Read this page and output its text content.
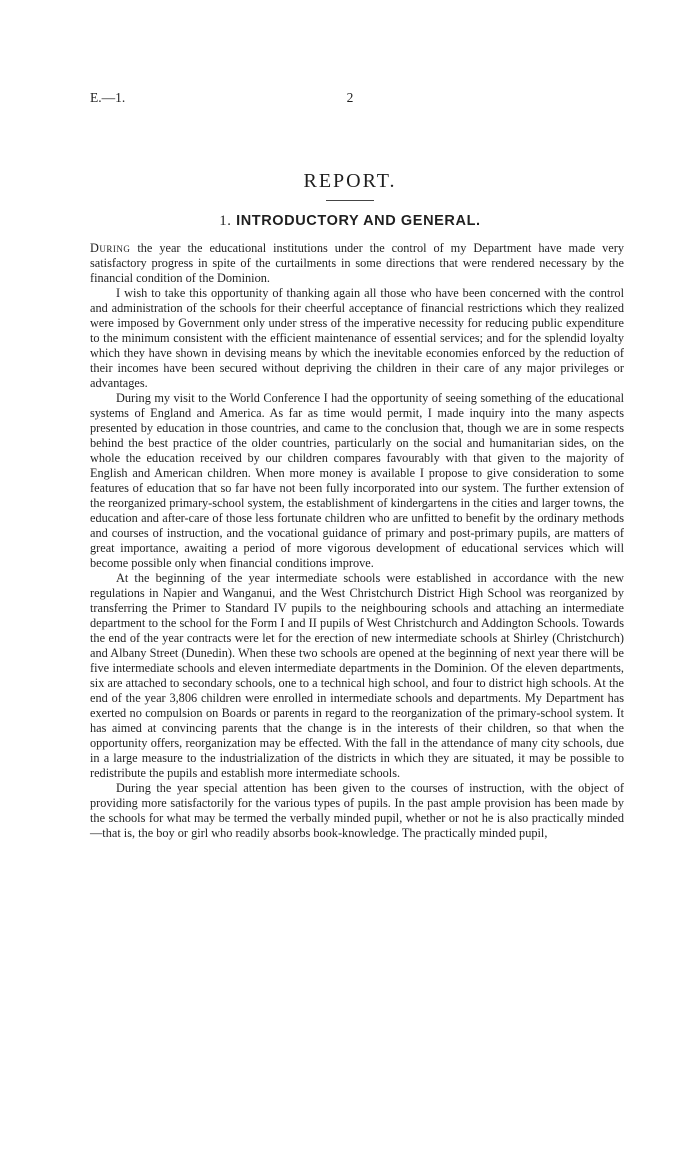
E.—1.	2
REPORT.
1. INTRODUCTORY AND GENERAL.

During the year the educational institutions under the control of my Department have made very satisfactory progress in spite of the curtailments in some directions that were rendered necessary by the financial condition of the Dominion.

I wish to take this opportunity of thanking again all those who have been concerned with the control and administration of the schools for their cheerful acceptance of financial restrictions which they realized were imposed by Government only under stress of the imperative necessity for reducing public expenditure to the minimum consistent with the efficient maintenance of essential services; and for the splendid loyalty which they have shown in devising means by which the inevitable economies enforced by the reduction of their incomes have been secured without depriving the children in their care of any major privileges or advantages.

During my visit to the World Conference I had the opportunity of seeing something of the educational systems of England and America. As far as time would permit, I made inquiry into the many aspects presented by education in those countries, and came to the conclusion that, though we are in some respects behind the best practice of the older countries, particularly on the social and humanitarian sides, on the whole the education received by our children compares favourably with that given to the majority of English and American children. When more money is available I propose to give consideration to some features of education that so far have not been fully incorporated into our system. The further extension of the reorganized primary-school system, the establishment of kindergartens in the cities and larger towns, the education and after-care of those less fortunate children who are unfitted to benefit by the ordinary methods and courses of instruction, and the vocational guidance of primary and post-primary pupils, are matters of great importance, awaiting a period of more vigorous development of educational services which will become possible only when financial conditions improve.

At the beginning of the year intermediate schools were established in accordance with the new regulations in Napier and Wanganui, and the West Christchurch District High School was reorganized by transferring the Primer to Standard IV pupils to the neighbouring schools and attaching an intermediate department to the school for the Form I and II pupils of West Christchurch and Addington Schools. Towards the end of the year contracts were let for the erection of new intermediate schools at Shirley (Christchurch) and Albany Street (Dunedin). When these two schools are opened at the beginning of next year there will be five intermediate schools and eleven intermediate departments in the Dominion. Of the eleven departments, six are attached to secondary schools, one to a technical high school, and four to district high schools. At the end of the year 3,806 children were enrolled in intermediate schools and departments. My Department has exerted no compulsion on Boards or parents in regard to the reorganization of the primary-school system. It has aimed at convincing parents that the change is in the interests of their children, so that when the opportunity offers, reorganization may be effected. With the fall in the attendance of many city schools, due in a large measure to the industrialization of the districts in which they are situated, it may be possible to redistribute the pupils and establish more intermediate schools.

During the year special attention has been given to the courses of instruction, with the object of providing more satisfactorily for the various types of pupils. In the past ample provision has been made by the schools for what may be termed the verbally minded pupil, whether or not he is also practically minded—that is, the boy or girl who readily absorbs book-knowledge. The practically minded pupil,
